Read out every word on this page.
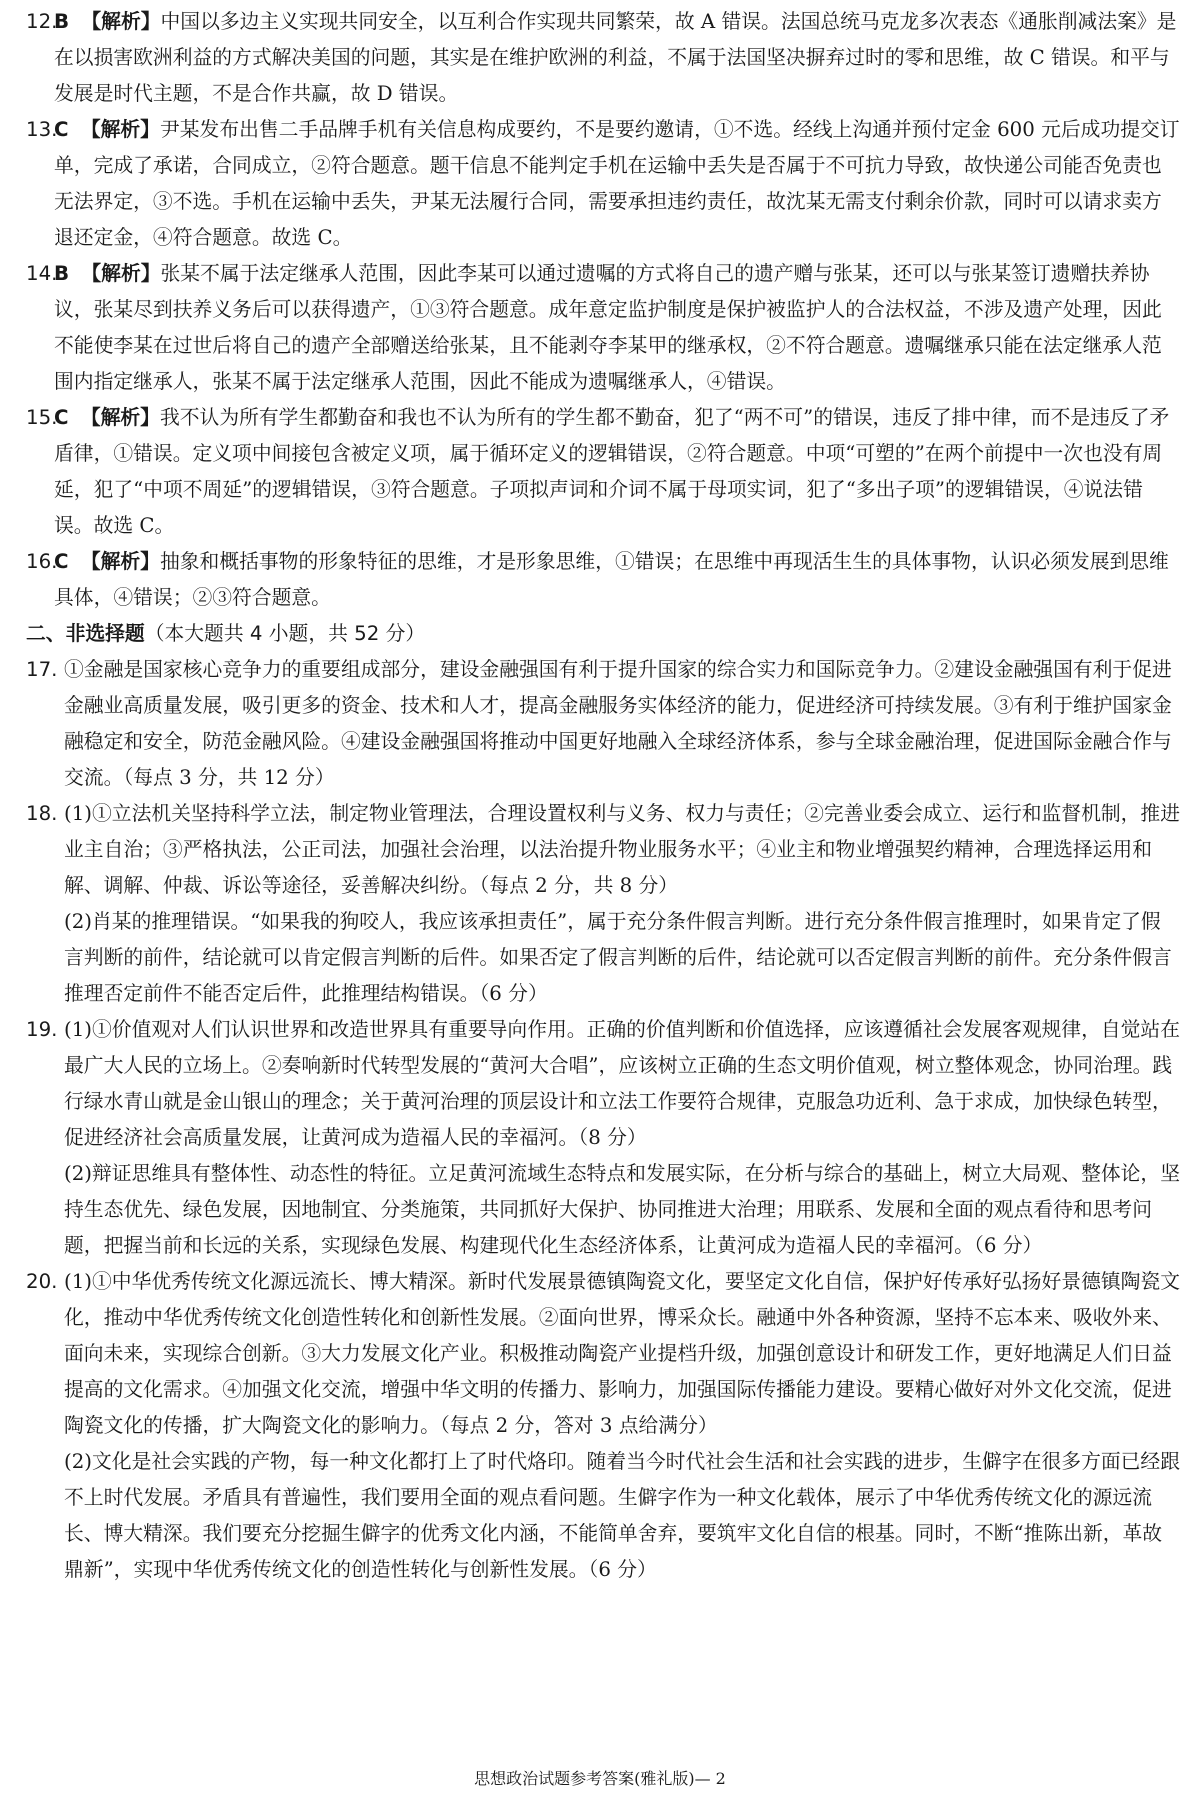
12.
B 【解析】中国以多边主义实现共同安全，以互利合作实现共同繁荣，故 A 错误。法国总统马克龙多次表态《通胀削减法案》是在以损害欧洲利益的方式解决美国的问题，其实是在维护欧洲的利益，不属于法国坚决摒弃过时的零和思维，故 C 错误。和平与发展是时代主题，不是合作共赢，故 D 错误。
13.
C 【解析】尹某发布出售二手品牌手机有关信息构成要约，不是要约邀请，①不选。经线上沟通并预付定金 600 元后成功提交订单，完成了承诺，合同成立，②符合题意。题干信息不能判定手机在运输中丢失是否属于不可抗力导致，故快递公司能否免责也无法界定，③不选。手机在运输中丢失，尹某无法履行合同，需要承担违约责任，故沈某无需支付剩余价款，同时可以请求卖方退还定金，④符合题意。故选 C。
14.
B 【解析】张某不属于法定继承人范围，因此李某可以通过遗嘱的方式将自己的遗产赠与张某，还可以与张某签订遗赠扶养协议，张某尽到扶养义务后可以获得遗产，①③符合题意。成年意定监护制度是保护被监护人的合法权益，不涉及遗产处理，因此不能使李某在过世后将自己的遗产全部赠送给张某，且不能剥夺李某甲的继承权，②不符合题意。遗嘱继承只能在法定继承人范围内指定继承人，张某不属于法定继承人范围，因此不能成为遗嘱继承人，④错误。
15.
C 【解析】我不认为所有学生都勤奋和我也不认为所有的学生都不勤奋，犯了“两不可”的错误，违反了排中律，而不是违反了矛盾律，①错误。定义项中间接包含被定义项，属于循环定义的逻辑错误，②符合题意。中项“可塑的”在两个前提中一次也没有周延，犯了“中项不周延”的逻辑错误，③符合题意。子项拟声词和介词不属于母项实词，犯了“多出子项”的逻辑错误，④说法错误。故选 C。
16.
C 【解析】抽象和概括事物的形象特征的思维，才是形象思维，①错误；在思维中再现活生生的具体事物，认识必须发展到思维具体，④错误；②③符合题意。
二、非选择题（本大题共 4 小题，共 52 分）
17. ①金融是国家核心竞争力的重要组成部分，建设金融强国有利于提升国家的综合实力和国际竞争力。②建设金融强国有利于促进金融业高质量发展，吸引更多的资金、技术和人才，提高金融服务实体经济的能力，促进经济可持续发展。③有利于维护国家金融稳定和安全，防范金融风险。④建设金融强国将推动中国更好地融入全球经济体系，参与全球金融治理，促进国际金融合作与交流。（每点 3 分，共 12 分）
18. (1)①立法机关坚持科学立法，制定物业管理法，合理设置权利与义务、权力与责任；②完善业委会成立、运行和监督机制，推进业主自治；③严格执法，公正司法，加强社会治理，以法治提升物业服务水平；④业主和物业增强契约精神，合理选择运用和解、调解、仲裁、诉讼等途径，妥善解决纠纷。（每点 2 分，共 8 分）
(2)肖某的推理错误。“如果我的狗咬人，我应该承担责任”，属于充分条件假言判断。进行充分条件假言推理时，如果肯定了假言判断的前件，结论就可以肯定假言判断的后件。如果否定了假言判断的后件，结论就可以否定假言判断的前件。充分条件假言推理否定前件不能否定后件，此推理结构错误。（6 分）
19. (1)①价值观对人们认识世界和改造世界具有重要导向作用。正确的价值判断和价值选择，应该遵循社会发展客观规律，自觉站在最广大人民的立场上。②奏响新时代转型发展的“黄河大合唱”，应该树立正确的生态文明价值观，树立整体观念，协同治理。践行绿水青山就是金山银山的理念；关于黄河治理的顶层设计和立法工作要符合规律，克服急功近利、急于求成，加快绿色转型，促进经济社会高质量发展，让黄河成为造福人民的幸福河。（8 分）
(2)辩证思维具有整体性、动态性的特征。立足黄河流域生态特点和发展实际，在分析与综合的基础上，树立大局观、整体论，坚持生态优先、绿色发展，因地制宜、分类施策，共同抓好大保护、协同推进大治理；用联系、发展和全面的观点看待和思考问题，把握当前和长远的关系，实现绿色发展、构建现代化生态经济体系，让黄河成为造福人民的幸福河。（6 分）
20. (1)①中华优秀传统文化源远流长、博大精深。新时代发展景德镇陶瓷文化，要坚定文化自信，保护好传承好弘扬好景德镇陶瓷文化，推动中华优秀传统文化创造性转化和创新性发展。②面向世界，博采众长。融通中外各种资源，坚持不忘本来、吸收外来、面向未来，实现综合创新。③大力发展文化产业。积极推动陶瓷产业提档升级，加强创意设计和研发工作，更好地满足人们日益提高的文化需求。④加强文化交流，增强中华文明的传播力、影响力，加强国际传播能力建设。要精心做好对外文化交流，促进陶瓷文化的传播，扩大陶瓷文化的影响力。（每点 2 分，答对 3 点给满分）
(2)文化是社会实践的产物，每一种文化都打上了时代烙印。随着当今时代社会生活和社会实践的进步，生僻字在很多方面已经跟不上时代发展。矛盾具有普遍性，我们要用全面的观点看问题。生僻字作为一种文化载体，展示了中华优秀传统文化的源远流长、博大精深。我们要充分挖掘生僻字的优秀文化内涵，不能简单舍弃，要筑牢文化自信的根基。同时，不断“推陈出新，革故鼎新”，实现中华优秀传统文化的创造性转化与创新性发展。（6 分）
思想政治试题参考答案(雅礼版)— 2
